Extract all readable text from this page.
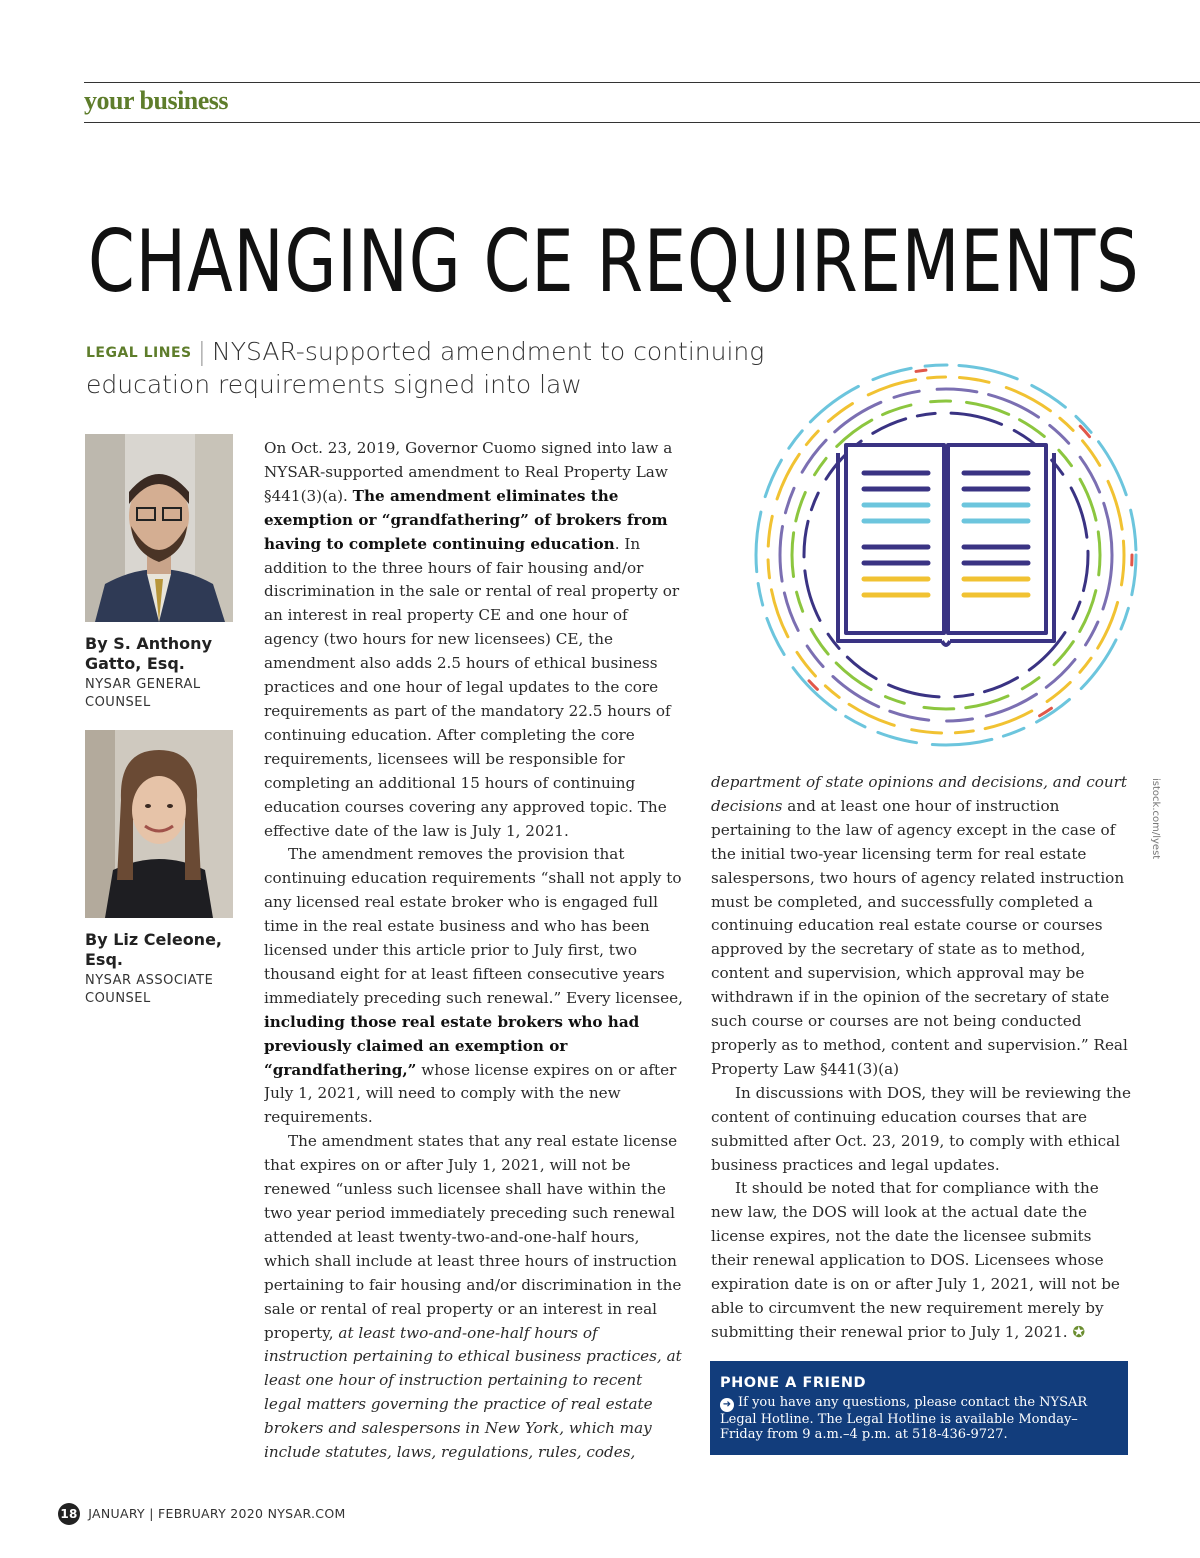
your business
CHANGING CE REQUIREMENTS
LEGAL LINES | NYSAR-supported amendment to continuing education requirements signed into law
By S. Anthony Gatto, Esq.
NYSAR GENERAL COUNSEL
By Liz Celeone, Esq.
NYSAR ASSOCIATE COUNSEL
istock.com/lyest

On Oct. 23, 2019, Governor Cuomo signed into law a NYSAR-supported amendment to Real Property Law §441(3)(a). The amendment eliminates the exemption or “grandfathering” of brokers from having to complete continuing education. In addition to the three hours of fair housing and/or discrimination in the sale or rental of real property or an interest in real property CE and one hour of agency (two hours for new licensees) CE, the amendment also adds 2.5 hours of ethical business practices and one hour of legal updates to the core requirements as part of the mandatory 22.5 hours of continuing education. After completing the core requirements, licensees will be responsible for completing an additional 15 hours of continuing education courses covering any approved topic. The effective date of the law is July 1, 2021.

The amendment removes the provision that continuing education requirements “shall not apply to any licensed real estate broker who is engaged full time in the real estate business and who has been licensed under this article prior to July first, two thousand eight for at least fifteen consecutive years immediately preceding such renewal.” Every licensee, including those real estate brokers who had previously claimed an exemption or “grandfathering,” whose license expires on or after July 1, 2021, will need to comply with the new requirements.

The amendment states that any real estate license that expires on or after July 1, 2021, will not be renewed “unless such licensee shall have within the two year period immediately preceding such renewal attended at least twenty-two-and-one-half hours, which shall include at least three hours of instruction pertaining to fair housing and/or discrimination in the sale or rental of real property or an interest in real property, at least two-and-one-half hours of instruction pertaining to ethical business practices, at least one hour of instruction pertaining to recent legal matters governing the practice of real estate brokers and salespersons in New York, which may include statutes, laws, regulations, rules, codes,

department of state opinions and decisions, and court decisions and at least one hour of instruction pertaining to the law of agency except in the case of the initial two-year licensing term for real estate salespersons, two hours of agency related instruction must be completed, and successfully completed a continuing education real estate course or courses approved by the secretary of state as to method, content and supervision, which approval may be withdrawn if in the opinion of the secretary of state such course or courses are not being conducted properly as to method, content and supervision.” Real Property Law §441(3)(a)

In discussions with DOS, they will be reviewing the content of continuing education courses that are submitted after Oct. 23, 2019, to comply with ethical business practices and legal updates.

It should be noted that for compliance with the new law, the DOS will look at the actual date the license expires, not the date the licensee submits their renewal application to DOS. Licensees whose expiration date is on or after July 1, 2021, will not be able to circumvent the new requirement merely by submitting their renewal prior to July 1, 2021. ✪

PHONE A FRIEND
➜ If you have any questions, please contact the NYSAR Legal Hotline. The Legal Hotline is available Monday–Friday from 9 a.m.–4 p.m. at 518-436-9727.
18 JANUARY | FEBRUARY 2020 NYSAR.COM
